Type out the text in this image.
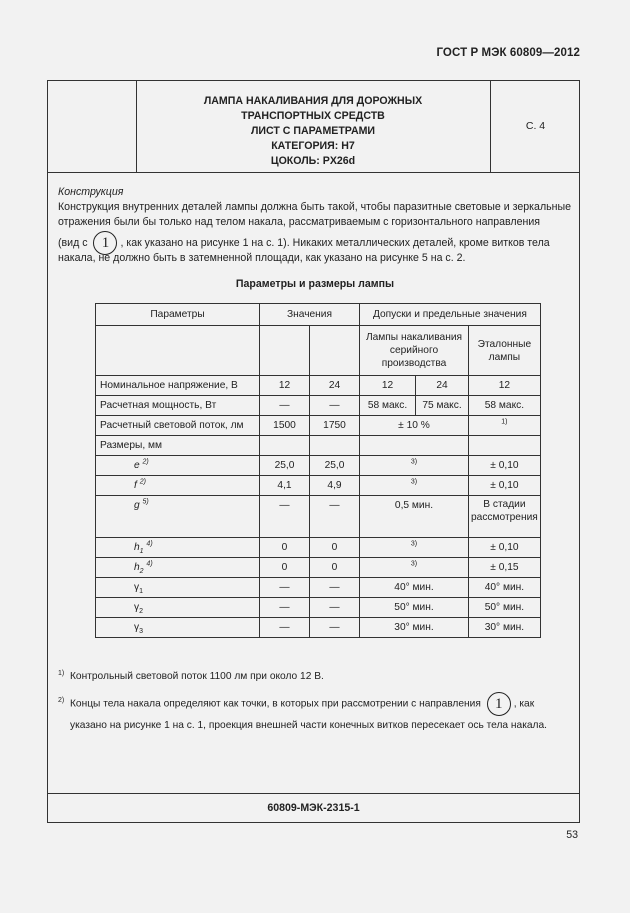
ГОСТ Р МЭК 60809—2012
ЛАМПА НАКАЛИВАНИЯ ДЛЯ ДОРОЖНЫХ
ТРАНСПОРТНЫХ СРЕДСТВ
ЛИСТ С ПАРАМЕТРАМИ
КАТЕГОРИЯ: H7
ЦОКОЛЬ: PX26d
С. 4
Конструкция
Конструкция внутренних деталей лампы должна быть такой, чтобы паразитные световые и зеркальные отражения были бы только над телом накала, рассматриваемым с горизонтального направления
(вид с 1 , как указано на рисунке 1 на с. 1). Никаких металлических деталей, кроме витков тела
накала, не должно быть в затемненной площади, как указано на рисунке 5 на с. 2.
Параметры и размеры лампы
Параметры	Значения		Допуски и предельные значения		
			Лампы накаливания серийного производства		Эталонные лампы
Номинальное напряжение, В	12	24	12	24	12
Расчетная мощность, Вт	—	—	58 макс.	75 макс.	58 макс.
Расчетный световой поток, лм	1500	1750	± 10 %		$^{1)}$
Размеры, мм					
e $^{2)}$	25,0	25,0	$^{3)}$		± 0,10
f $^{2)}$	4,1	4,9	$^{3)}$		± 0,10
g $^{5)}$	—	—	0,5 мин.		В стадии рассмотрения
$h_1$ $^{4)}$	0	0	$^{3)}$		± 0,10
$h_2$ $^{4)}$	0	0	$^{3)}$		± 0,15
$\gamma_1$	—	—	40° мин.		40° мин.
$\gamma_2$	—	—	50° мин.		50° мин.
$\gamma_3$	—	—	30° мин.		30° мин.
1) Контрольный световой поток 1100 лм при около 12 В.
2) Концы тела накала определяют как точки, в которых при рассмотрении с направления 1 , как
указано на рисунке 1 на с. 1, проекция внешней части конечных витков пересекает ось тела накала.
60809-МЭК-2315-1
53
